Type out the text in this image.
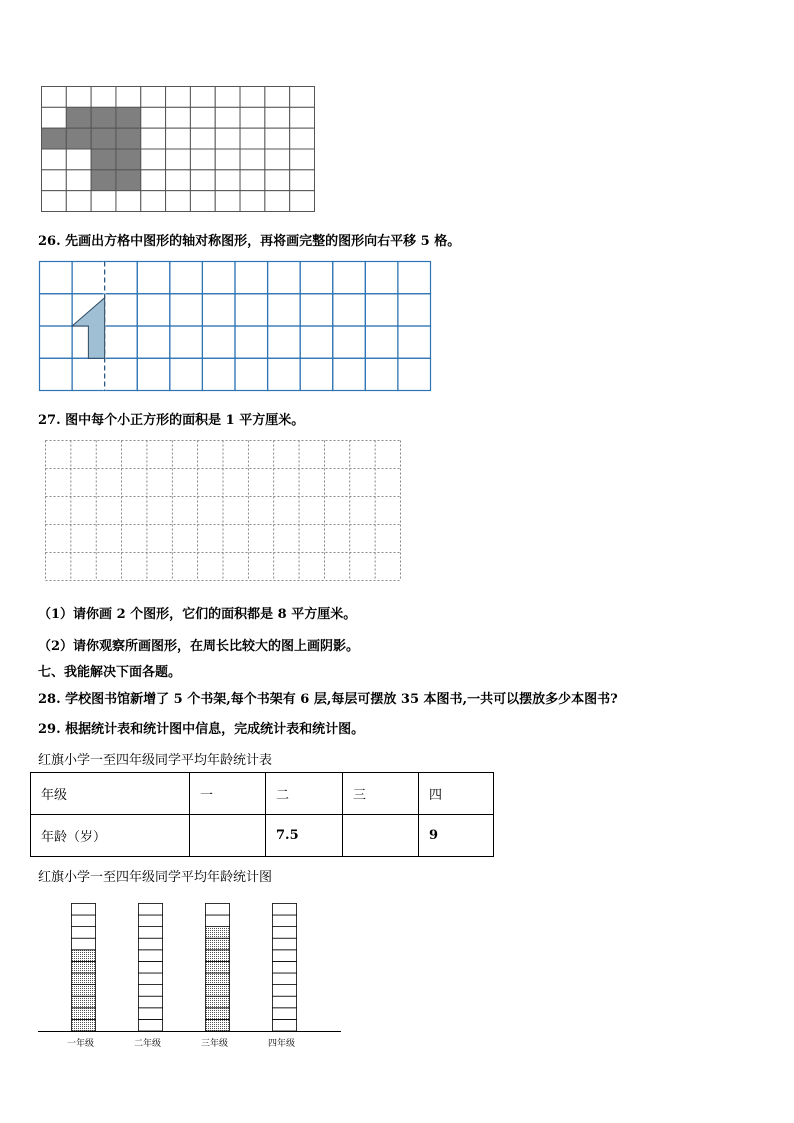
26. 先画出方格中图形的轴对称图形，再将画完整的图形向右平移 5 格。
27. 图中每个小正方形的面积是 1 平方厘米。
（1）请你画 2 个图形，它们的面积都是 8 平方厘米。
（2）请你观察所画图形，在周长比较大的图上画阴影。
七、我能解决下面各题。
28. 学校图书馆新增了 5 个书架,每个书架有 6 层,每层可摆放 35 本图书,一共可以摆放多少本图书?
29. 根据统计表和统计图中信息，完成统计表和统计图。
红旗小学一至四年级同学平均年龄统计表
年级	一	二	三	四
年龄（岁）		7.5		9
红旗小学一至四年级同学平均年龄统计图
一年级	二年级	三年级	四年级
